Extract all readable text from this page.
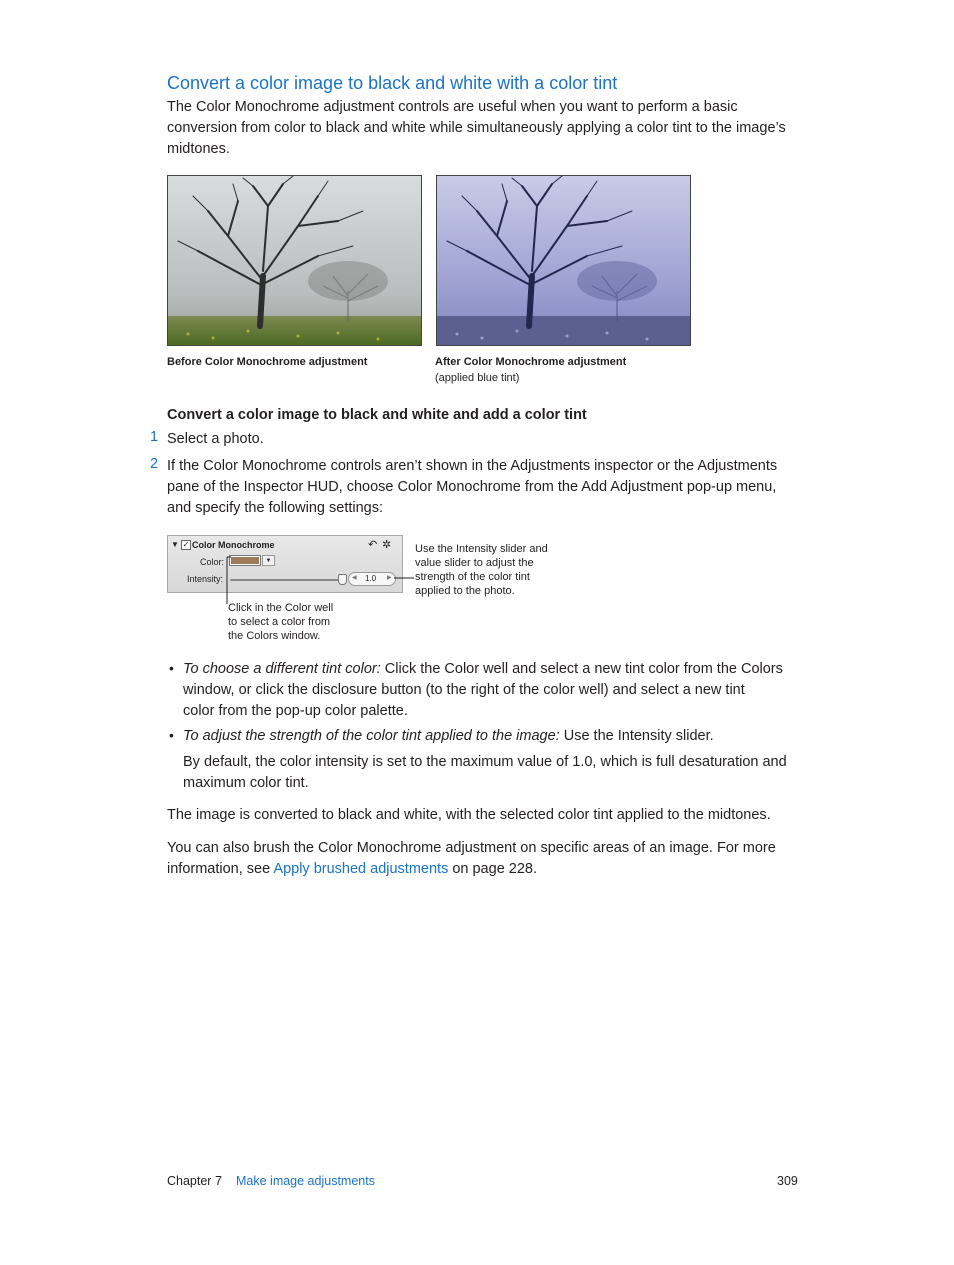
Convert a color image to black and white with a color tint
The Color Monochrome adjustment controls are useful when you want to perform a basic conversion from color to black and white while simultaneously applying a color tint to the image’s midtones.
Before Color Monochrome adjustment	After Color Monochrome adjustment
(applied blue tint)
Convert a color image to black and white and add a color tint
1 Select a photo.
2 If the Color Monochrome controls aren’t shown in the Adjustments inspector or the Adjustments pane of the Inspector HUD, choose Color Monochrome from the Add Adjustment pop-up menu, and specify the following settings:
▼ ✓ Color Monochrome	↶ ✲
Color:	▼
Intensity:	◀ 1.0 ▶
Use the Intensity slider and
value slider to adjust the
strength of the color tint
applied to the photo.
Click in the Color well
to select a color from
the Colors window.
• To choose a different tint color: Click the Color well and select a new tint color from the Colors
window, or click the disclosure button (to the right of the color well) and select a new tint
color from the pop-up color palette.
• To adjust the strength of the color tint applied to the image: Use the Intensity slider.
By default, the color intensity is set to the maximum value of 1.0, which is full desaturation and
maximum color tint.
The image is converted to black and white, with the selected color tint applied to the midtones.
You can also brush the Color Monochrome adjustment on specific areas of an image. For more
information, see Apply brushed adjustments on page 228.
Chapter 7 Make image adjustments	309
